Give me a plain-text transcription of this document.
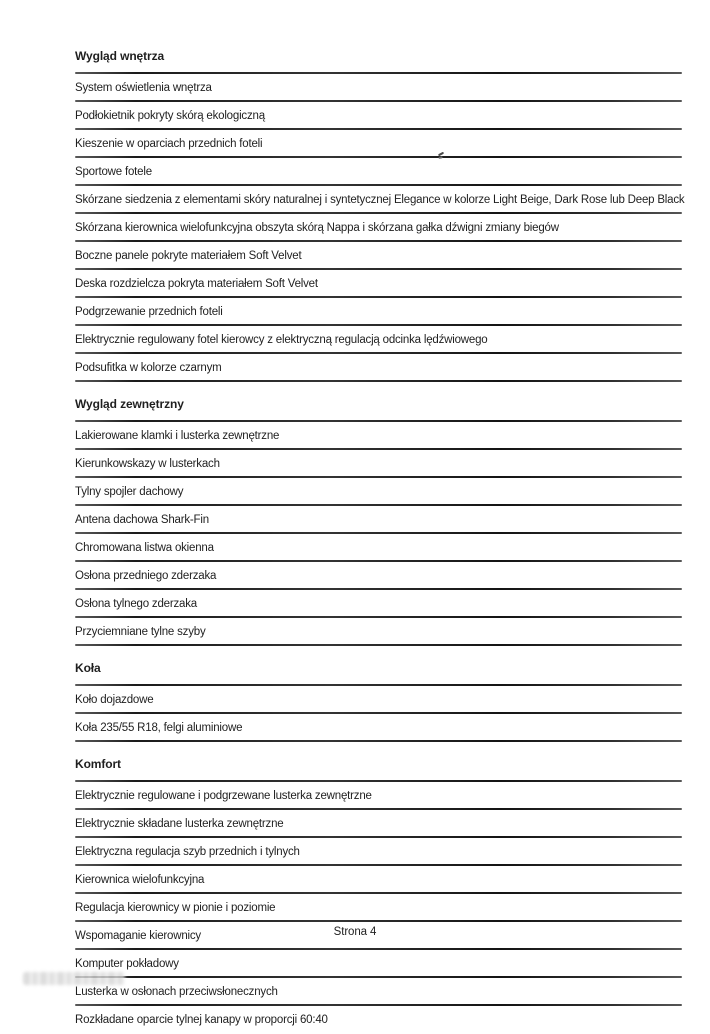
Wygląd wnętrza
System oświetlenia wnętrza
Podłokietnik pokryty skórą ekologiczną
Kieszenie w oparciach przednich foteli
Sportowe fotele
Skórzane siedzenia z elementami skóry naturalnej i syntetycznej Elegance w kolorze Light Beige, Dark Rose lub Deep Black
Skórzana kierownica wielofunkcyjna obszyta skórą Nappa i skórzana gałka dźwigni zmiany biegów
Boczne panele pokryte materiałem Soft Velvet
Deska rozdzielcza pokryta materiałem Soft Velvet
Podgrzewanie przednich foteli
Elektrycznie regulowany fotel kierowcy z elektryczną regulacją odcinka lędźwiowego
Podsufitka w kolorze czarnym
Wygląd zewnętrzny
Lakierowane klamki i lusterka zewnętrzne
Kierunkowskazy w lusterkach
Tylny spojler dachowy
Antena dachowa Shark-Fin
Chromowana listwa okienna
Osłona przedniego zderzaka
Osłona tylnego zderzaka
Przyciemniane tylne szyby
Koła
Koło dojazdowe
Koła 235/55 R18, felgi aluminiowe
Komfort
Elektrycznie regulowane i podgrzewane lusterka zewnętrzne
Elektrycznie składane lusterka zewnętrzne
Elektryczna regulacja szyb przednich i tylnych
Kierownica wielofunkcyjna
Regulacja kierownicy w pionie i poziomie
Wspomaganie kierownicy
Komputer pokładowy
Lusterka w osłonach przeciwsłonecznych
Rozkładane oparcie tylnej kanapy w proporcji 60:40
Strona 4
